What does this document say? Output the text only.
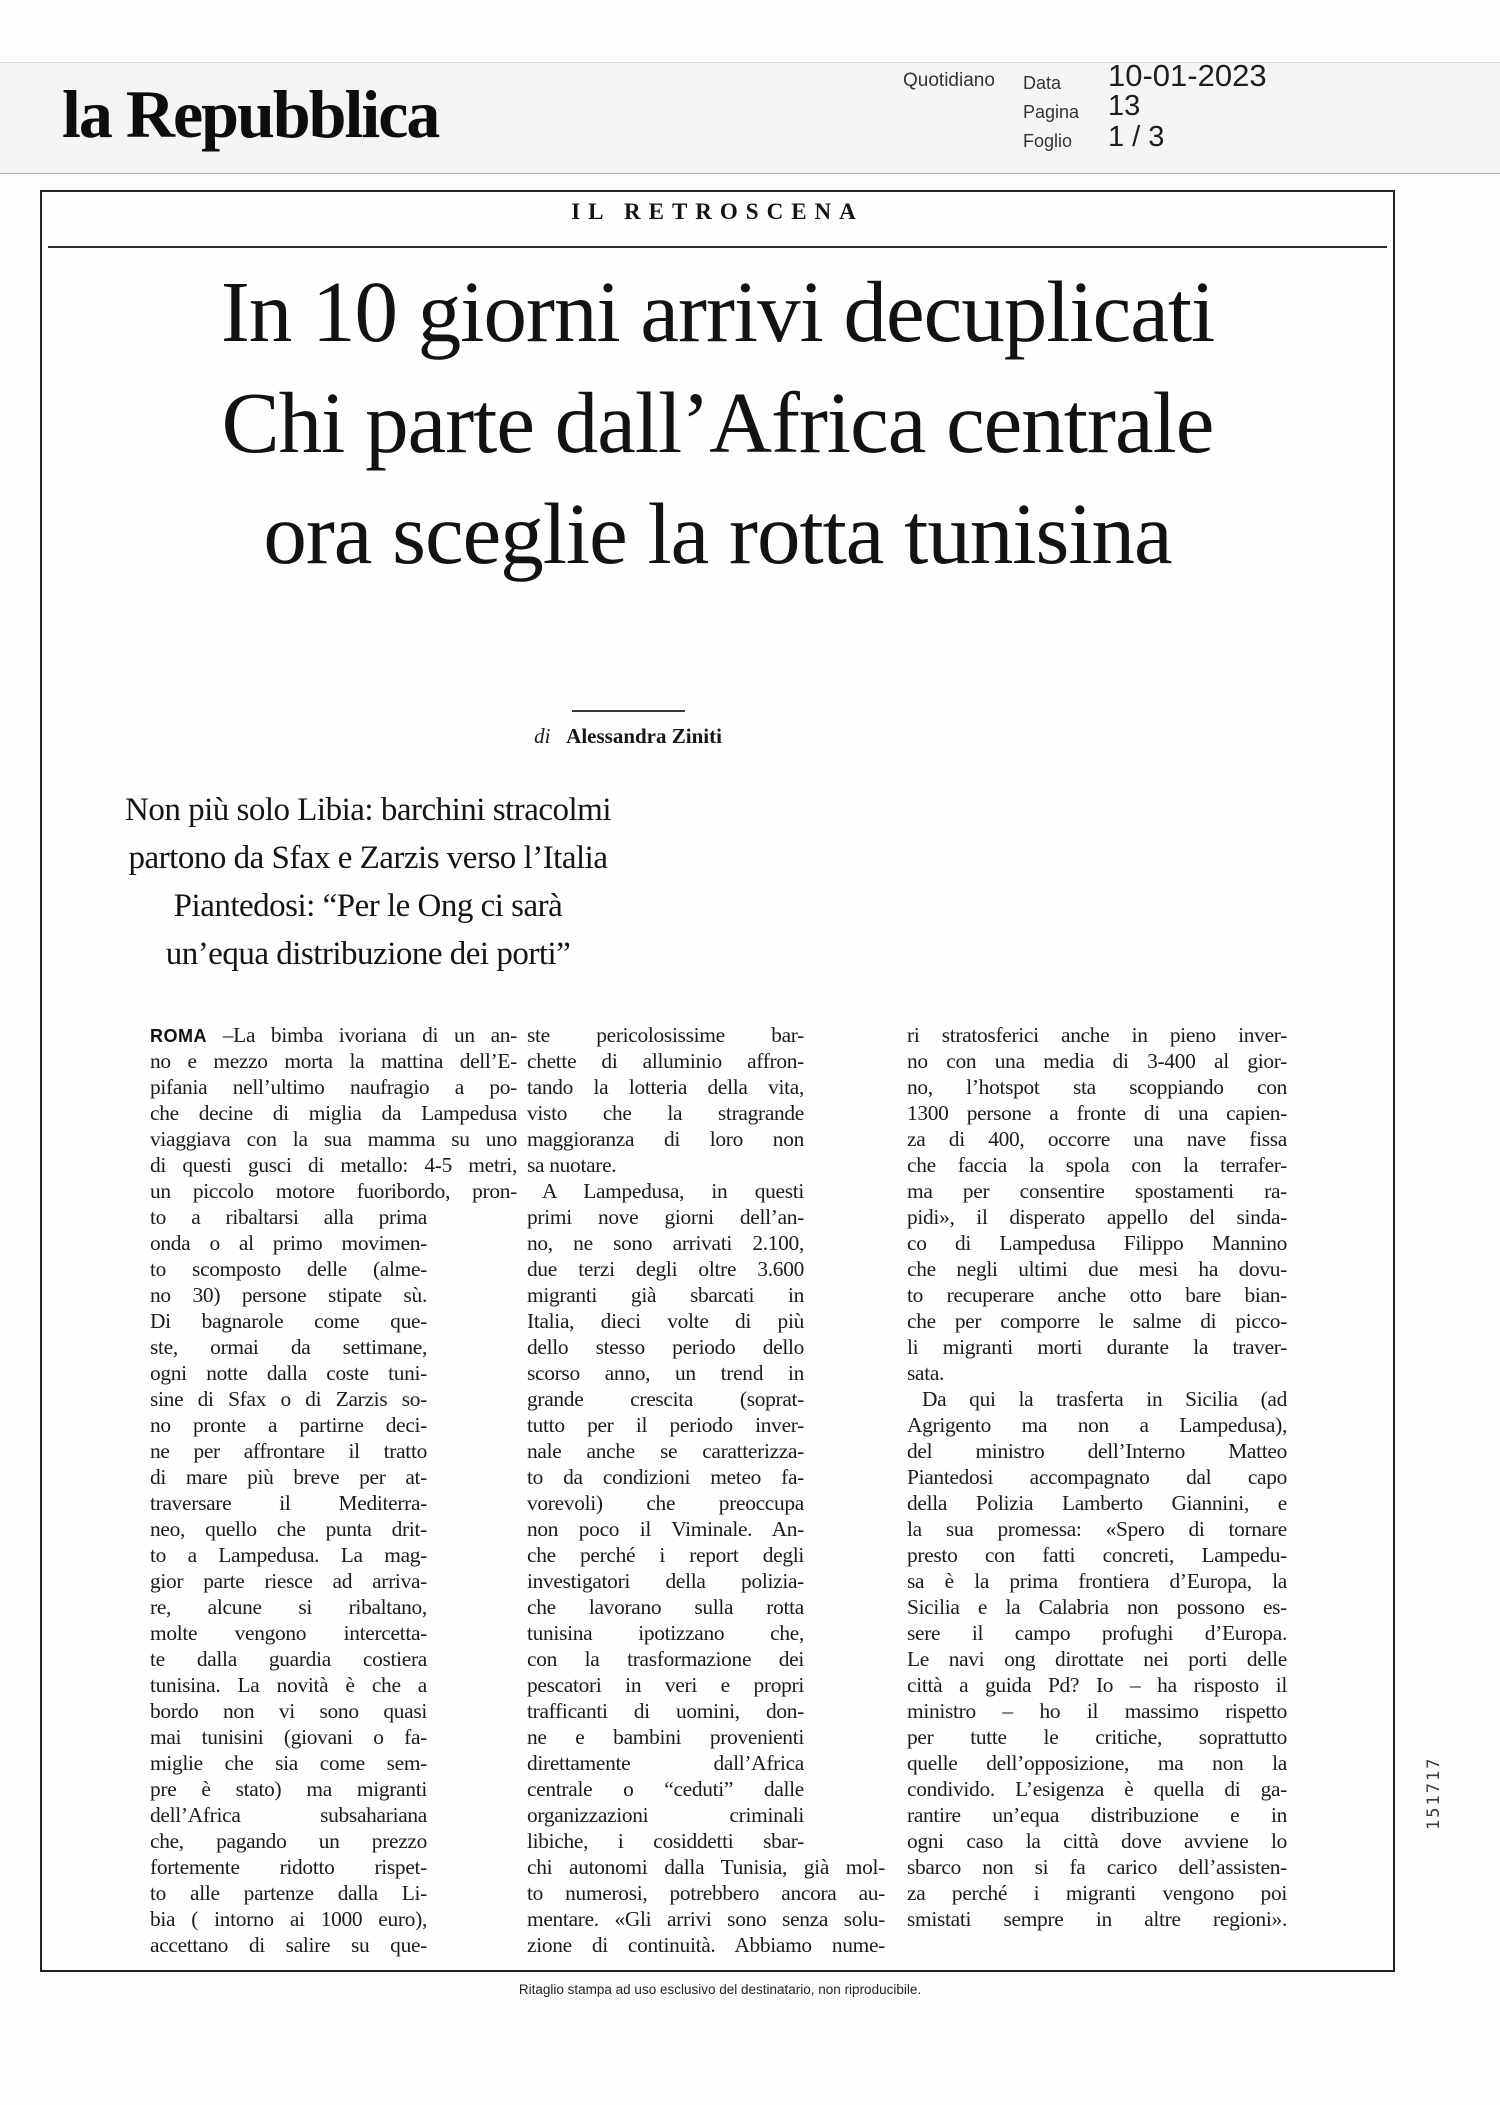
la Repubblica	Quotidiano Data
Pagina
Foglio
10-01-2023
13
1 / 3
IL RETROSCENA
In 10 giorni arrivi decuplicati
Chi parte dall’Africa centrale
ora sceglie la rotta tunisina
di Alessandra Ziniti
Non più solo Libia: barchini stracolmi
partono da Sfax e Zarzis verso l’Italia
Piantedosi: “Per le Ong ci sarà
un’equa distribuzione dei porti”
ROMA –La bimba ivoriana di un an-
no e mezzo morta la mattina dell’E-
pifania nell’ultimo naufragio a po-
che decine di miglia da Lampedusa
viaggiava con la sua mamma su uno
di questi gusci di metallo: 4-5 metri,
un piccolo motore fuoribordo, pron-
to a ribaltarsi alla prima
onda o al primo movimen-
to scomposto delle (alme-
no 30) persone stipate sù.
Di bagnarole come que-
ste, ormai da settimane,
ogni notte dalla coste tuni-
sine di Sfax o di Zarzis so-
no pronte a partirne deci-
ne per affrontare il tratto
di mare più breve per at-
traversare il Mediterra-
neo, quello che punta drit-
to a Lampedusa. La mag-
gior parte riesce ad arriva-
re, alcune si ribaltano,
molte vengono intercetta-
te dalla guardia costiera
tunisina. La novità è che a
bordo non vi sono quasi
mai tunisini (giovani o fa-
miglie che sia come sem-
pre è stato) ma migranti
dell’Africa subsahariana
che, pagando un prezzo
fortemente ridotto rispet-
to alle partenze dalla Li-
bia ( intorno ai 1000 euro),
accettano di salire su que-
ste pericolosissime bar-
chette di alluminio affron-
tando la lotteria della vita,
visto che la stragrande
maggioranza di loro non
sa nuotare.
A Lampedusa, in questi
primi nove giorni dell’an-
no, ne sono arrivati 2.100,
due terzi degli oltre 3.600
migranti già sbarcati in
Italia, dieci volte di più
dello stesso periodo dello
scorso anno, un trend in
grande crescita (soprat-
tutto per il periodo inver-
nale anche se caratterizza-
to da condizioni meteo fa-
vorevoli) che preoccupa
non poco il Viminale. An-
che perché i report degli
investigatori della polizia-
che lavorano sulla rotta
tunisina ipotizzano che,
con la trasformazione dei
pescatori in veri e propri
trafficanti di uomini, don-
ne e bambini provenienti
direttamente dall’Africa
centrale o “ceduti” dalle
organizzazioni criminali
libiche, i cosiddetti sbar-
chi autonomi dalla Tunisia, già mol-
to numerosi, potrebbero ancora au-
mentare. «Gli arrivi sono senza solu-
zione di continuità. Abbiamo nume-
ri stratosferici anche in pieno inver-
no con una media di 3-400 al gior-
no, l’hotspot sta scoppiando con
1300 persone a fronte di una capien-
za di 400, occorre una nave fissa
che faccia la spola con la terrafer-
ma per consentire spostamenti ra-
pidi», il disperato appello del sinda-
co di Lampedusa Filippo Mannino
che negli ultimi due mesi ha dovu-
to recuperare anche otto bare bian-
che per comporre le salme di picco-
li migranti morti durante la traver-
sata.
Da qui la trasferta in Sicilia (ad
Agrigento ma non a Lampedusa),
del ministro dell’Interno Matteo
Piantedosi accompagnato dal capo
della Polizia Lamberto Giannini, e
la sua promessa: «Spero di tornare
presto con fatti concreti, Lampedu-
sa è la prima frontiera d’Europa, la
Sicilia e la Calabria non possono es-
sere il campo profughi d’Europa.
Le navi ong dirottate nei porti delle
città a guida Pd? Io – ha risposto il
ministro – ho il massimo rispetto
per tutte le critiche, soprattutto
quelle dell’opposizione, ma non la
condivido. L’esigenza è quella di ga-
rantire un’equa distribuzione e in
ogni caso la città dove avviene lo
sbarco non si fa carico dell’assisten-
za perché i migranti vengono poi
smistati sempre in altre regioni».
151717
Ritaglio stampa ad uso esclusivo del destinatario, non riproducibile.
